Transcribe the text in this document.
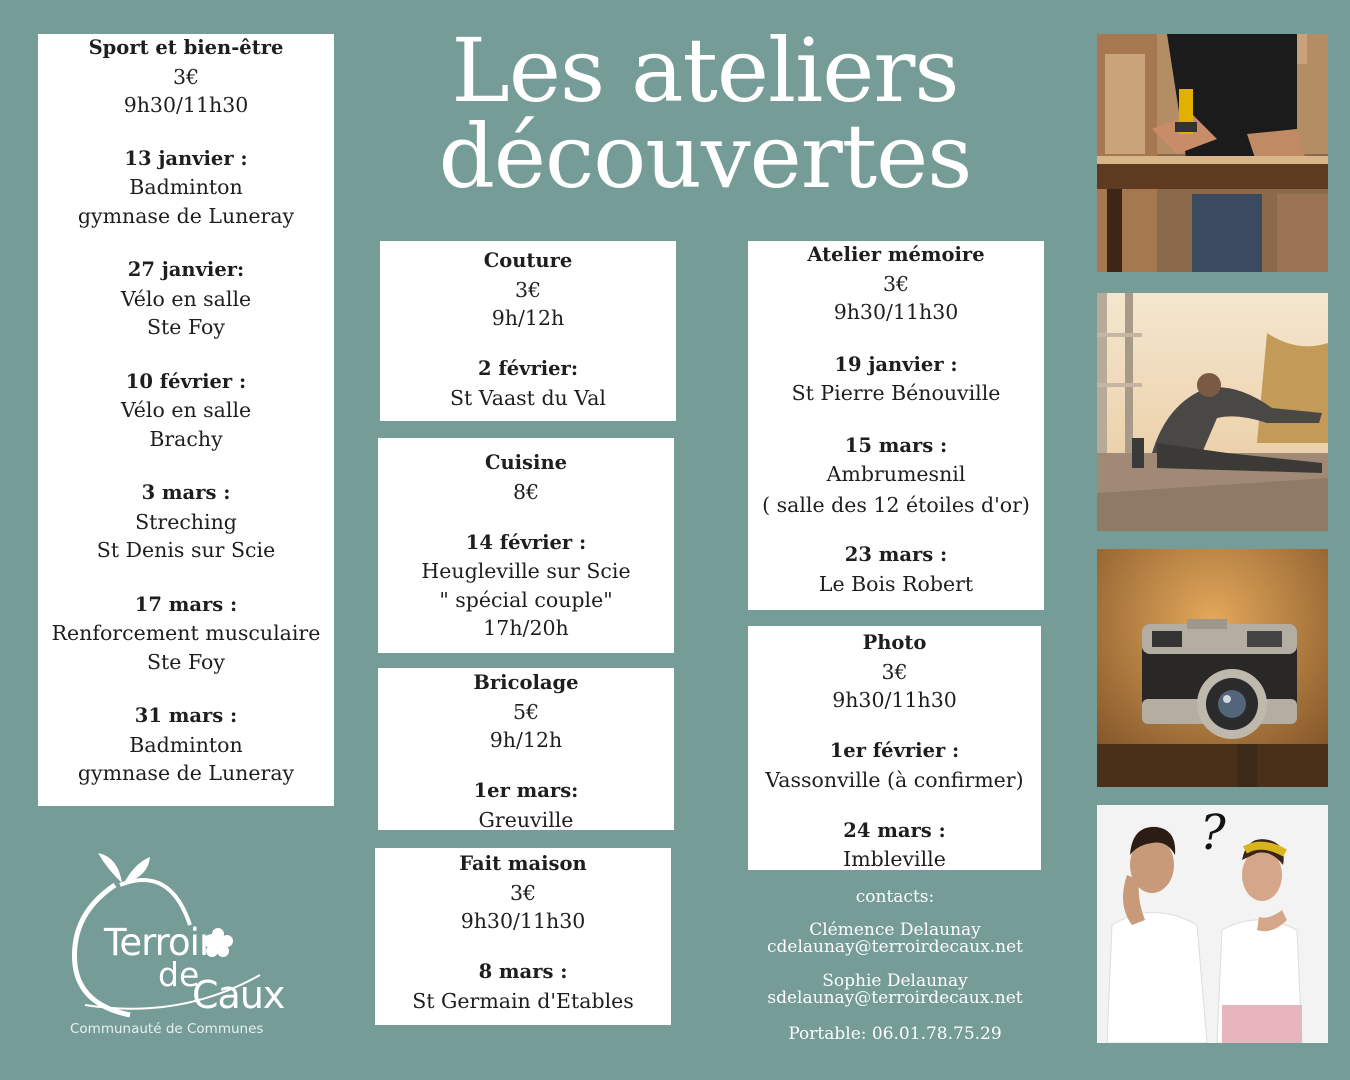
Les ateliers
découvertes
Sport et bien-être
3€
9h30/11h30
13 janvier :
Badminton
gymnase de Luneray
27 janvier:
Vélo en salle
Ste Foy
10 février :
Vélo en salle
Brachy
3 mars :
Streching
St Denis sur Scie
17 mars :
Renforcement musculaire
Ste Foy
31 mars :
Badminton
gymnase de Luneray
Couture
3€
9h/12h
2 février:
St Vaast du Val
Cuisine
8€
14 février :
Heugleville sur Scie
" spécial couple"
17h/20h
Bricolage
5€
9h/12h
1er mars:
Greuville
Fait maison
3€
9h30/11h30
8 mars :
St Germain d'Etables
Atelier mémoire
3€
9h30/11h30
19 janvier :
St Pierre Bénouville
15 mars :
Ambrumesnil
( salle des 12 étoiles d'or)
23 mars :
Le Bois Robert
Photo
3€
9h30/11h30
1er février :
Vassonville (à confirmer)
24 mars :
Imbleville
contacts:
Clémence Delaunay
cdelaunay@terroirdecaux.net
Sophie Delaunay
sdelaunay@terroirdecaux.net
Portable: 06.01.78.75.29
?
Terroir
de
Caux
Communauté de Communes
